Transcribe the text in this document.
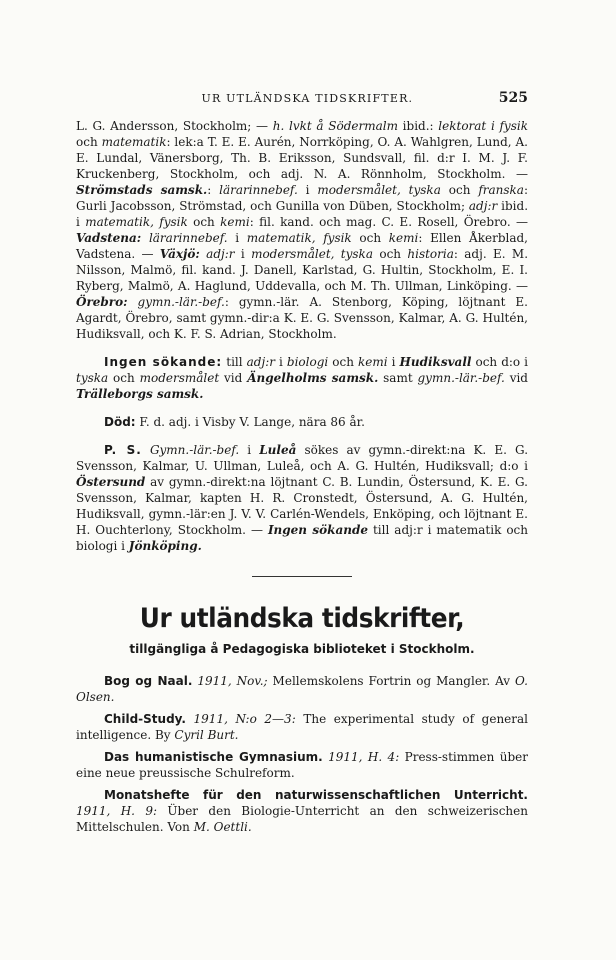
UR UTLÄNDSKA TIDSKRIFTER.	525

L. G. Andersson, Stockholm; — h. lvkt å Södermalm ibid.: lektorat i fysik och matematik: lek:a T. E. E. Aurén, Norrköping, O. A. Wahlgren, Lund, A. E. Lundal, Vänersborg, Th. B. Eriksson, Sundsvall, fil. d:r I. M. J. F. Kruckenberg, Stockholm, och adj. N. A. Rönnholm, Stockholm. — Strömstads samsk.: lärarinnebef. i modersmålet, tyska och franska: Gurli Jacobsson, Strömstad, och Gunilla von Düben, Stockholm; adj:r ibid. i matematik, fysik och kemi: fil. kand. och mag. C. E. Rosell, Örebro. — Vadstena: lärarinnebef. i matematik, fysik och kemi: Ellen Åkerblad, Vadstena. — Växjö: adj:r i modersmålet, tyska och historia: adj. E. M. Nilsson, Malmö, fil. kand. J. Danell, Karlstad, G. Hultin, Stockholm, E. I. Ryberg, Malmö, A. Haglund, Uddevalla, och M. Th. Ullman, Linköping. — Örebro: gymn.-lär.-bef.: gymn.-lär. A. Stenborg, Köping, löjtnant E. Agardt, Örebro, samt gymn.-dir:a K. E. G. Svensson, Kalmar, A. G. Hultén, Hudiksvall, och K. F. S. Adrian, Stockholm.

Ingen sökande: till adj:r i biologi och kemi i Hudiksvall och d:o i tyska och modersmålet vid Ängelholms samsk. samt gymn.-lär.-bef. vid Trälleborgs samsk.

Död: F. d. adj. i Visby V. Lange, nära 86 år.

P. S. Gymn.-lär.-bef. i Luleå sökes av gymn.-direkt:na K. E. G. Svensson, Kalmar, U. Ullman, Luleå, och A. G. Hultén, Hudiksvall; d:o i Östersund av gymn.-direkt:na löjtnant C. B. Lundin, Östersund, K. E. G. Svensson, Kalmar, kapten H. R. Cronstedt, Östersund, A. G. Hultén, Hudiksvall, gymn.-lär:en J. V. V. Carlén-Wendels, Enköping, och löjtnant E. H. Ouchterlony, Stockholm. — Ingen sökande till adj:r i matematik och biologi i Jönköping.

Ur utländska tidskrifter,
tillgängliga å Pedagogiska biblioteket i Stockholm.

Bog og Naal. 1911, Nov.; Mellemskolens Fortrin og Mangler. Av O. Olsen.

Child-Study. 1911, N:o 2—3: The experimental study of general intelligence. By Cyril Burt.

Das humanistische Gymnasium. 1911, H. 4: Press-stimmen über eine neue preussische Schulreform.

Monatshefte für den naturwissenschaftlichen Unterricht. 1911, H. 9: Über den Biologie-Unterricht an den schweizerischen Mittelschulen. Von M. Oettli.
